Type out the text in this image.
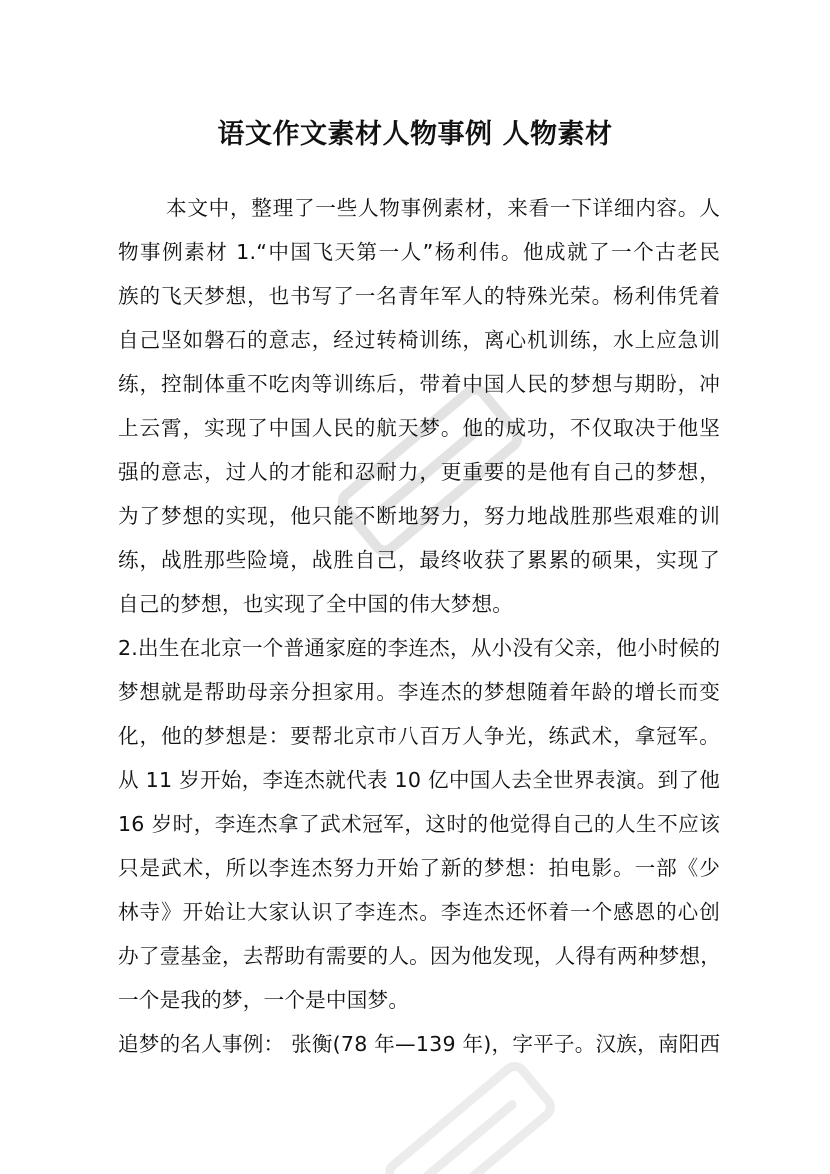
语文作文素材人物事例 人物素材
本文中，整理了一些人物事例素材，来看一下详细内容。人
物事例素材 1.“中国飞天第一人”杨利伟。他成就了一个古老民
族的飞天梦想，也书写了一名青年军人的特殊光荣。杨利伟凭着
自己坚如磐石的意志，经过转椅训练，离心机训练，水上应急训
练，控制体重不吃肉等训练后，带着中国人民的梦想与期盼，冲
上云霄，实现了中国人民的航天梦。他的成功，不仅取决于他坚
强的意志，过人的才能和忍耐力，更重要的是他有自己的梦想，
为了梦想的实现，他只能不断地努力，努力地战胜那些艰难的训
练，战胜那些险境，战胜自己，最终收获了累累的硕果，实现了
自己的梦想，也实现了全中国的伟大梦想。
2.出生在北京一个普通家庭的李连杰，从小没有父亲，他小时候的
梦想就是帮助母亲分担家用。李连杰的梦想随着年龄的增长而变
化，他的梦想是：要帮北京市八百万人争光，练武术，拿冠军。
从 11 岁开始，李连杰就代表 10 亿中国人去全世界表演。到了他
16 岁时，李连杰拿了武术冠军，这时的他觉得自己的人生不应该
只是武术，所以李连杰努力开始了新的梦想：拍电影。一部《少
林寺》开始让大家认识了李连杰。李连杰还怀着一个感恩的心创
办了壹基金，去帮助有需要的人。因为他发现，人得有两种梦想，
一个是我的梦，一个是中国梦。
追梦的名人事例： 张衡(78 年—139 年)，字平子。汉族，南阳西
